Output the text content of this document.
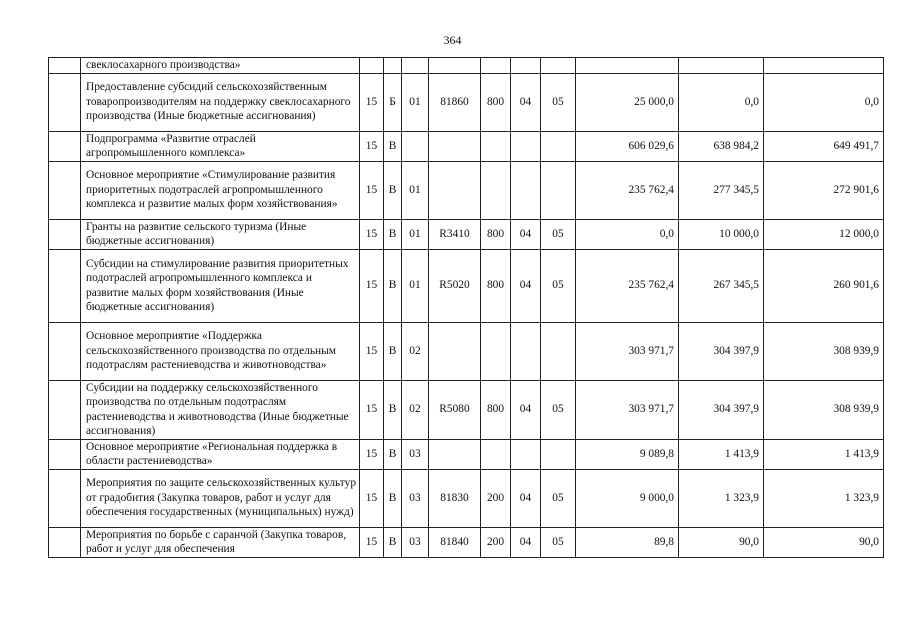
364
	свеклосахарного производства»										
	Предоставление субсидий сельскохозяйственным товаропроизводителям на поддержку свеклосахарного производства (Иные бюджетные ассигнования)	15	Б	01	81860	800	04	05	25 000,0	0,0	0,0
	Подпрограмма «Развитие отраслей агропромышленного комплекса»	15	В						606 029,6	638 984,2	649 491,7
	Основное мероприятие «Стимулирование развития приоритетных подотраслей агропромышленного комплекса и развитие малых форм хозяйствования»	15	В	01					235 762,4	277 345,5	272 901,6
	Гранты на развитие сельского туризма (Иные бюджетные ассигнования)	15	В	01	R3410	800	04	05	0,0	10 000,0	12 000,0
	Субсидии на стимулирование развития приоритетных подотраслей агропромышленного комплекса и развитие малых форм хозяйствования (Иные бюджетные ассигнования)	15	В	01	R5020	800	04	05	235 762,4	267 345,5	260 901,6
	Основное мероприятие «Поддержка сельскохозяйственного производства по отдельным подотраслям растениеводства и животноводства»	15	В	02					303 971,7	304 397,9	308 939,9
	Субсидии на поддержку сельскохозяйственного производства по отдельным подотраслям растениеводства и животноводства (Иные бюджетные ассигнования)	15	В	02	R5080	800	04	05	303 971,7	304 397,9	308 939,9
	Основное мероприятие «Региональная поддержка в области растениеводства»	15	В	03					9 089,8	1 413,9	1 413,9
	Мероприятия по защите сельскохозяйственных культур от градобития (Закупка товаров, работ и услуг для обеспечения государственных (муниципальных) нужд)	15	В	03	81830	200	04	05	9 000,0	1 323,9	1 323,9
	Мероприятия по борьбе с саранчой (Закупка товаров, работ и услуг для обеспечения	15	В	03	81840	200	04	05	89,8	90,0	90,0
